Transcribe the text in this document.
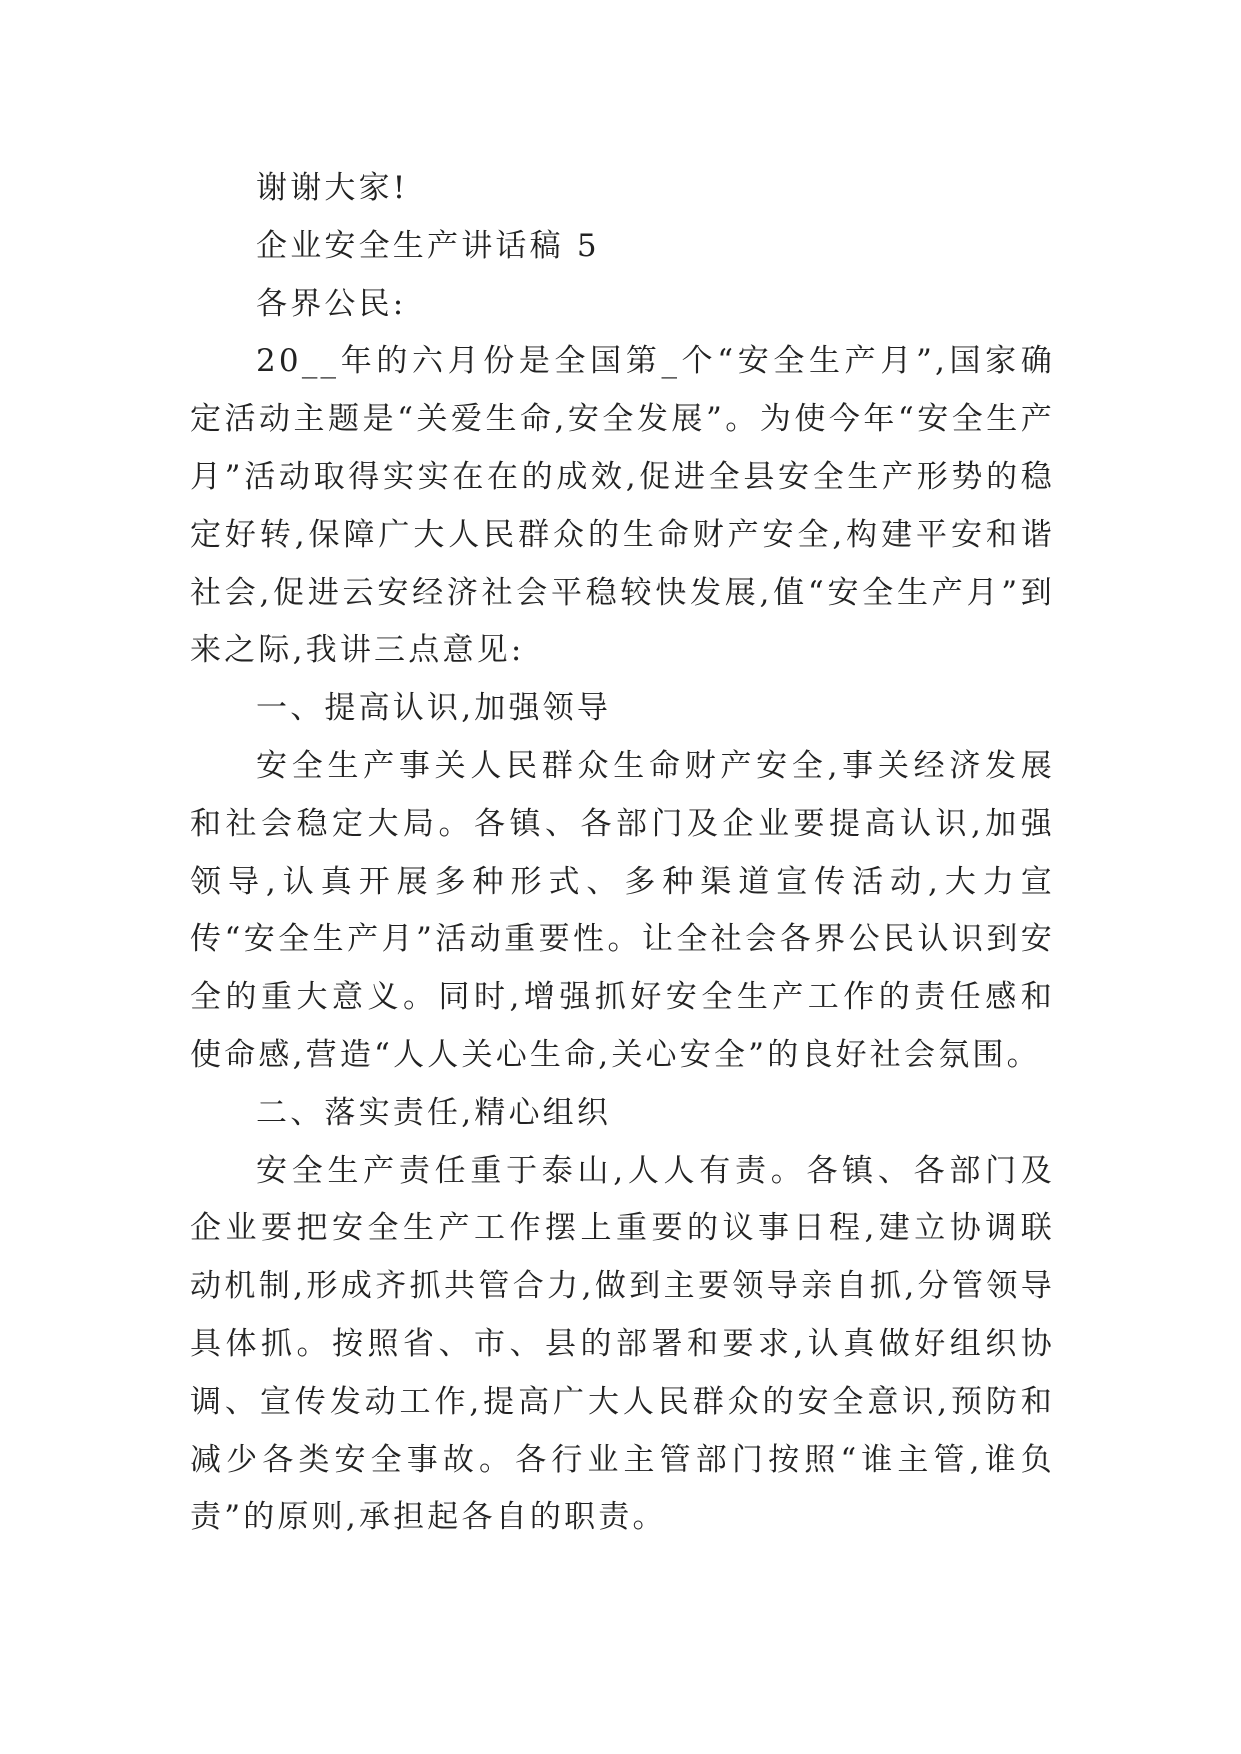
谢谢大家!

企业安全生产讲话稿 5

各界公民:

20__年的六月份是全国第_个“安全生产月”,国家确定活动主题是“关爱生命,安全发展”。为使今年“安全生产月”活动取得实实在在的成效,促进全县安全生产形势的稳定好转,保障广大人民群众的生命财产安全,构建平安和谐社会,促进云安经济社会平稳较快发展,值“安全生产月”到来之际,我讲三点意见:

一、提高认识,加强领导

安全生产事关人民群众生命财产安全,事关经济发展和社会稳定大局。各镇、各部门及企业要提高认识,加强领导,认真开展多种形式、多种渠道宣传活动,大力宣传“安全生产月”活动重要性。让全社会各界公民认识到安全的重大意义。同时,增强抓好安全生产工作的责任感和使命感,营造“人人关心生命,关心安全”的良好社会氛围。

二、落实责任,精心组织

安全生产责任重于泰山,人人有责。各镇、各部门及企业要把安全生产工作摆上重要的议事日程,建立协调联动机制,形成齐抓共管合力,做到主要领导亲自抓,分管领导具体抓。按照省、市、县的部署和要求,认真做好组织协调、宣传发动工作,提高广大人民群众的安全意识,预防和减少各类安全事故。各行业主管部门按照“谁主管,谁负责”的原则,承担起各自的职责。
